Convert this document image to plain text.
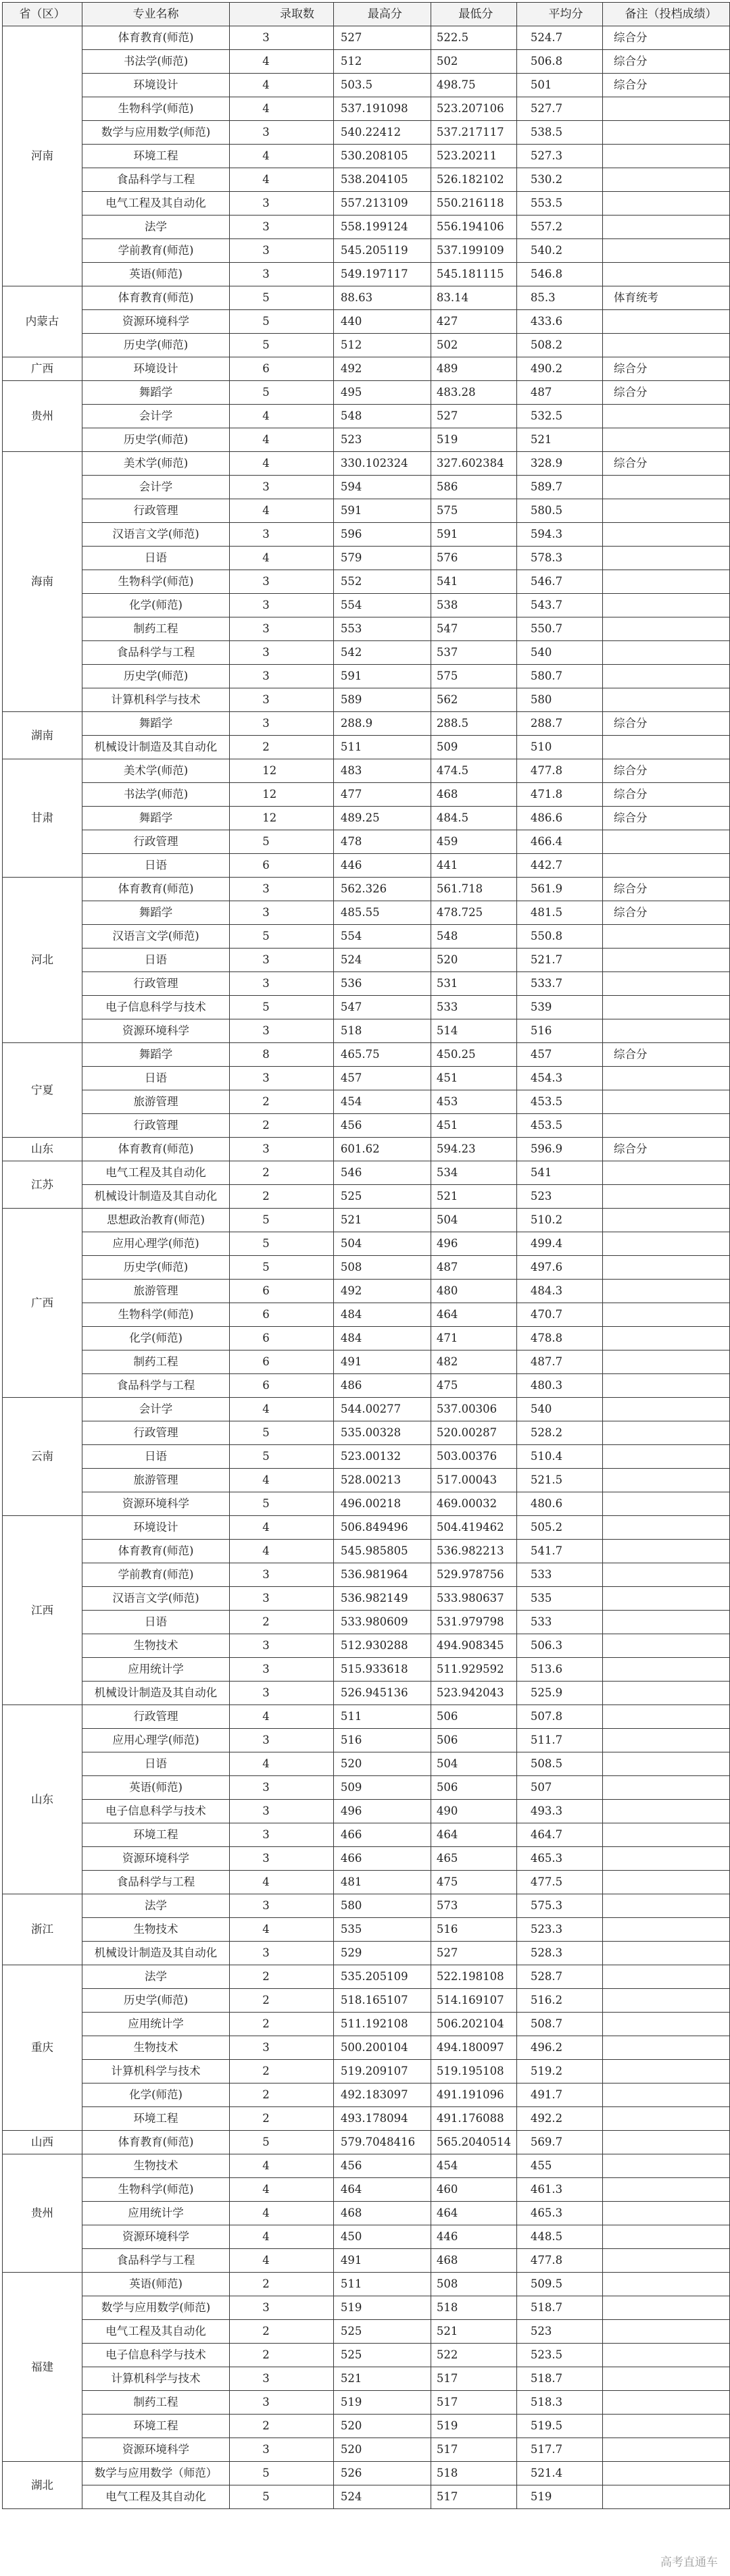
省（区）	专业名称	录取数	最高分	最低分	平均分	备注（投档成绩）
河南	体育教育(师范)	3	527	522.5	524.7	综合分
	书法学(师范)	4	512	502	506.8	综合分
	环境设计	4	503.5	498.75	501	综合分
	生物科学(师范)	4	537.191098	523.207106	527.7	
	数学与应用数学(师范)	3	540.22412	537.217117	538.5	
	环境工程	4	530.208105	523.20211	527.3	
	食品科学与工程	4	538.204105	526.182102	530.2	
	电气工程及其自动化	3	557.213109	550.216118	553.5	
	法学	3	558.199124	556.194106	557.2	
	学前教育(师范)	3	545.205119	537.199109	540.2	
	英语(师范)	3	549.197117	545.181115	546.8	
内蒙古	体育教育(师范)	5	88.63	83.14	85.3	体育统考
	资源环境科学	5	440	427	433.6	
	历史学(师范)	5	512	502	508.2	
广西	环境设计	6	492	489	490.2	综合分
贵州	舞蹈学	5	495	483.28	487	综合分
	会计学	4	548	527	532.5	
	历史学(师范)	4	523	519	521	
海南	美术学(师范)	4	330.102324	327.602384	328.9	综合分
	会计学	3	594	586	589.7	
	行政管理	4	591	575	580.5	
	汉语言文学(师范)	3	596	591	594.3	
	日语	4	579	576	578.3	
	生物科学(师范)	3	552	541	546.7	
	化学(师范)	3	554	538	543.7	
	制药工程	3	553	547	550.7	
	食品科学与工程	3	542	537	540	
	历史学(师范)	3	591	575	580.7	
	计算机科学与技术	3	589	562	580	
湖南	舞蹈学	3	288.9	288.5	288.7	综合分
	机械设计制造及其自动化	2	511	509	510	
甘肃	美术学(师范)	12	483	474.5	477.8	综合分
	书法学(师范)	12	477	468	471.8	综合分
	舞蹈学	12	489.25	484.5	486.6	综合分
	行政管理	5	478	459	466.4	
	日语	6	446	441	442.7	
河北	体育教育(师范)	3	562.326	561.718	561.9	综合分
	舞蹈学	3	485.55	478.725	481.5	综合分
	汉语言文学(师范)	5	554	548	550.8	
	日语	3	524	520	521.7	
	行政管理	3	536	531	533.7	
	电子信息科学与技术	5	547	533	539	
	资源环境科学	3	518	514	516	
宁夏	舞蹈学	8	465.75	450.25	457	综合分
	日语	3	457	451	454.3	
	旅游管理	2	454	453	453.5	
	行政管理	2	456	451	453.5	
山东	体育教育(师范)	3	601.62	594.23	596.9	综合分
江苏	电气工程及其自动化	2	546	534	541	
	机械设计制造及其自动化	2	525	521	523	
广西	思想政治教育(师范)	5	521	504	510.2	
	应用心理学(师范)	5	504	496	499.4	
	历史学(师范)	5	508	487	497.6	
	旅游管理	6	492	480	484.3	
	生物科学(师范)	6	484	464	470.7	
	化学(师范)	6	484	471	478.8	
	制药工程	6	491	482	487.7	
	食品科学与工程	6	486	475	480.3	
云南	会计学	4	544.00277	537.00306	540	
	行政管理	5	535.00328	520.00287	528.2	
	日语	5	523.00132	503.00376	510.4	
	旅游管理	4	528.00213	517.00043	521.5	
	资源环境科学	5	496.00218	469.00032	480.6	
江西	环境设计	4	506.849496	504.419462	505.2	
	体育教育(师范)	4	545.985805	536.982213	541.7	
	学前教育(师范)	3	536.981964	529.978756	533	
	汉语言文学(师范)	3	536.982149	533.980637	535	
	日语	2	533.980609	531.979798	533	
	生物技术	3	512.930288	494.908345	506.3	
	应用统计学	3	515.933618	511.929592	513.6	
	机械设计制造及其自动化	3	526.945136	523.942043	525.9	
山东	行政管理	4	511	506	507.8	
	应用心理学(师范)	3	516	506	511.7	
	日语	4	520	504	508.5	
	英语(师范)	3	509	506	507	
	电子信息科学与技术	3	496	490	493.3	
	环境工程	3	466	464	464.7	
	资源环境科学	3	466	465	465.3	
	食品科学与工程	4	481	475	477.5	
浙江	法学	3	580	573	575.3	
	生物技术	4	535	516	523.3	
	机械设计制造及其自动化	3	529	527	528.3	
重庆	法学	2	535.205109	522.198108	528.7	
	历史学(师范)	2	518.165107	514.169107	516.2	
	应用统计学	2	511.192108	506.202104	508.7	
	生物技术	3	500.200104	494.180097	496.2	
	计算机科学与技术	2	519.209107	519.195108	519.2	
	化学(师范)	2	492.183097	491.191096	491.7	
	环境工程	2	493.178094	491.176088	492.2	
山西	体育教育(师范)	5	579.7048416	565.2040514	569.7	
贵州	生物技术	4	456	454	455	
	生物科学(师范)	4	464	460	461.3	
	应用统计学	4	468	464	465.3	
	资源环境科学	4	450	446	448.5	
	食品科学与工程	4	491	468	477.8	
福建	英语(师范)	2	511	508	509.5	
	数学与应用数学(师范)	3	519	518	518.7	
	电气工程及其自动化	2	525	521	523	
	电子信息科学与技术	2	525	522	523.5	
	计算机科学与技术	3	521	517	518.7	
	制药工程	3	519	517	518.3	
	环境工程	2	520	519	519.5	
	资源环境科学	3	520	517	517.7	
湖北	数学与应用数学（师范）	5	526	518	521.4	
	电气工程及其自动化	5	524	517	519	
高考直通车
